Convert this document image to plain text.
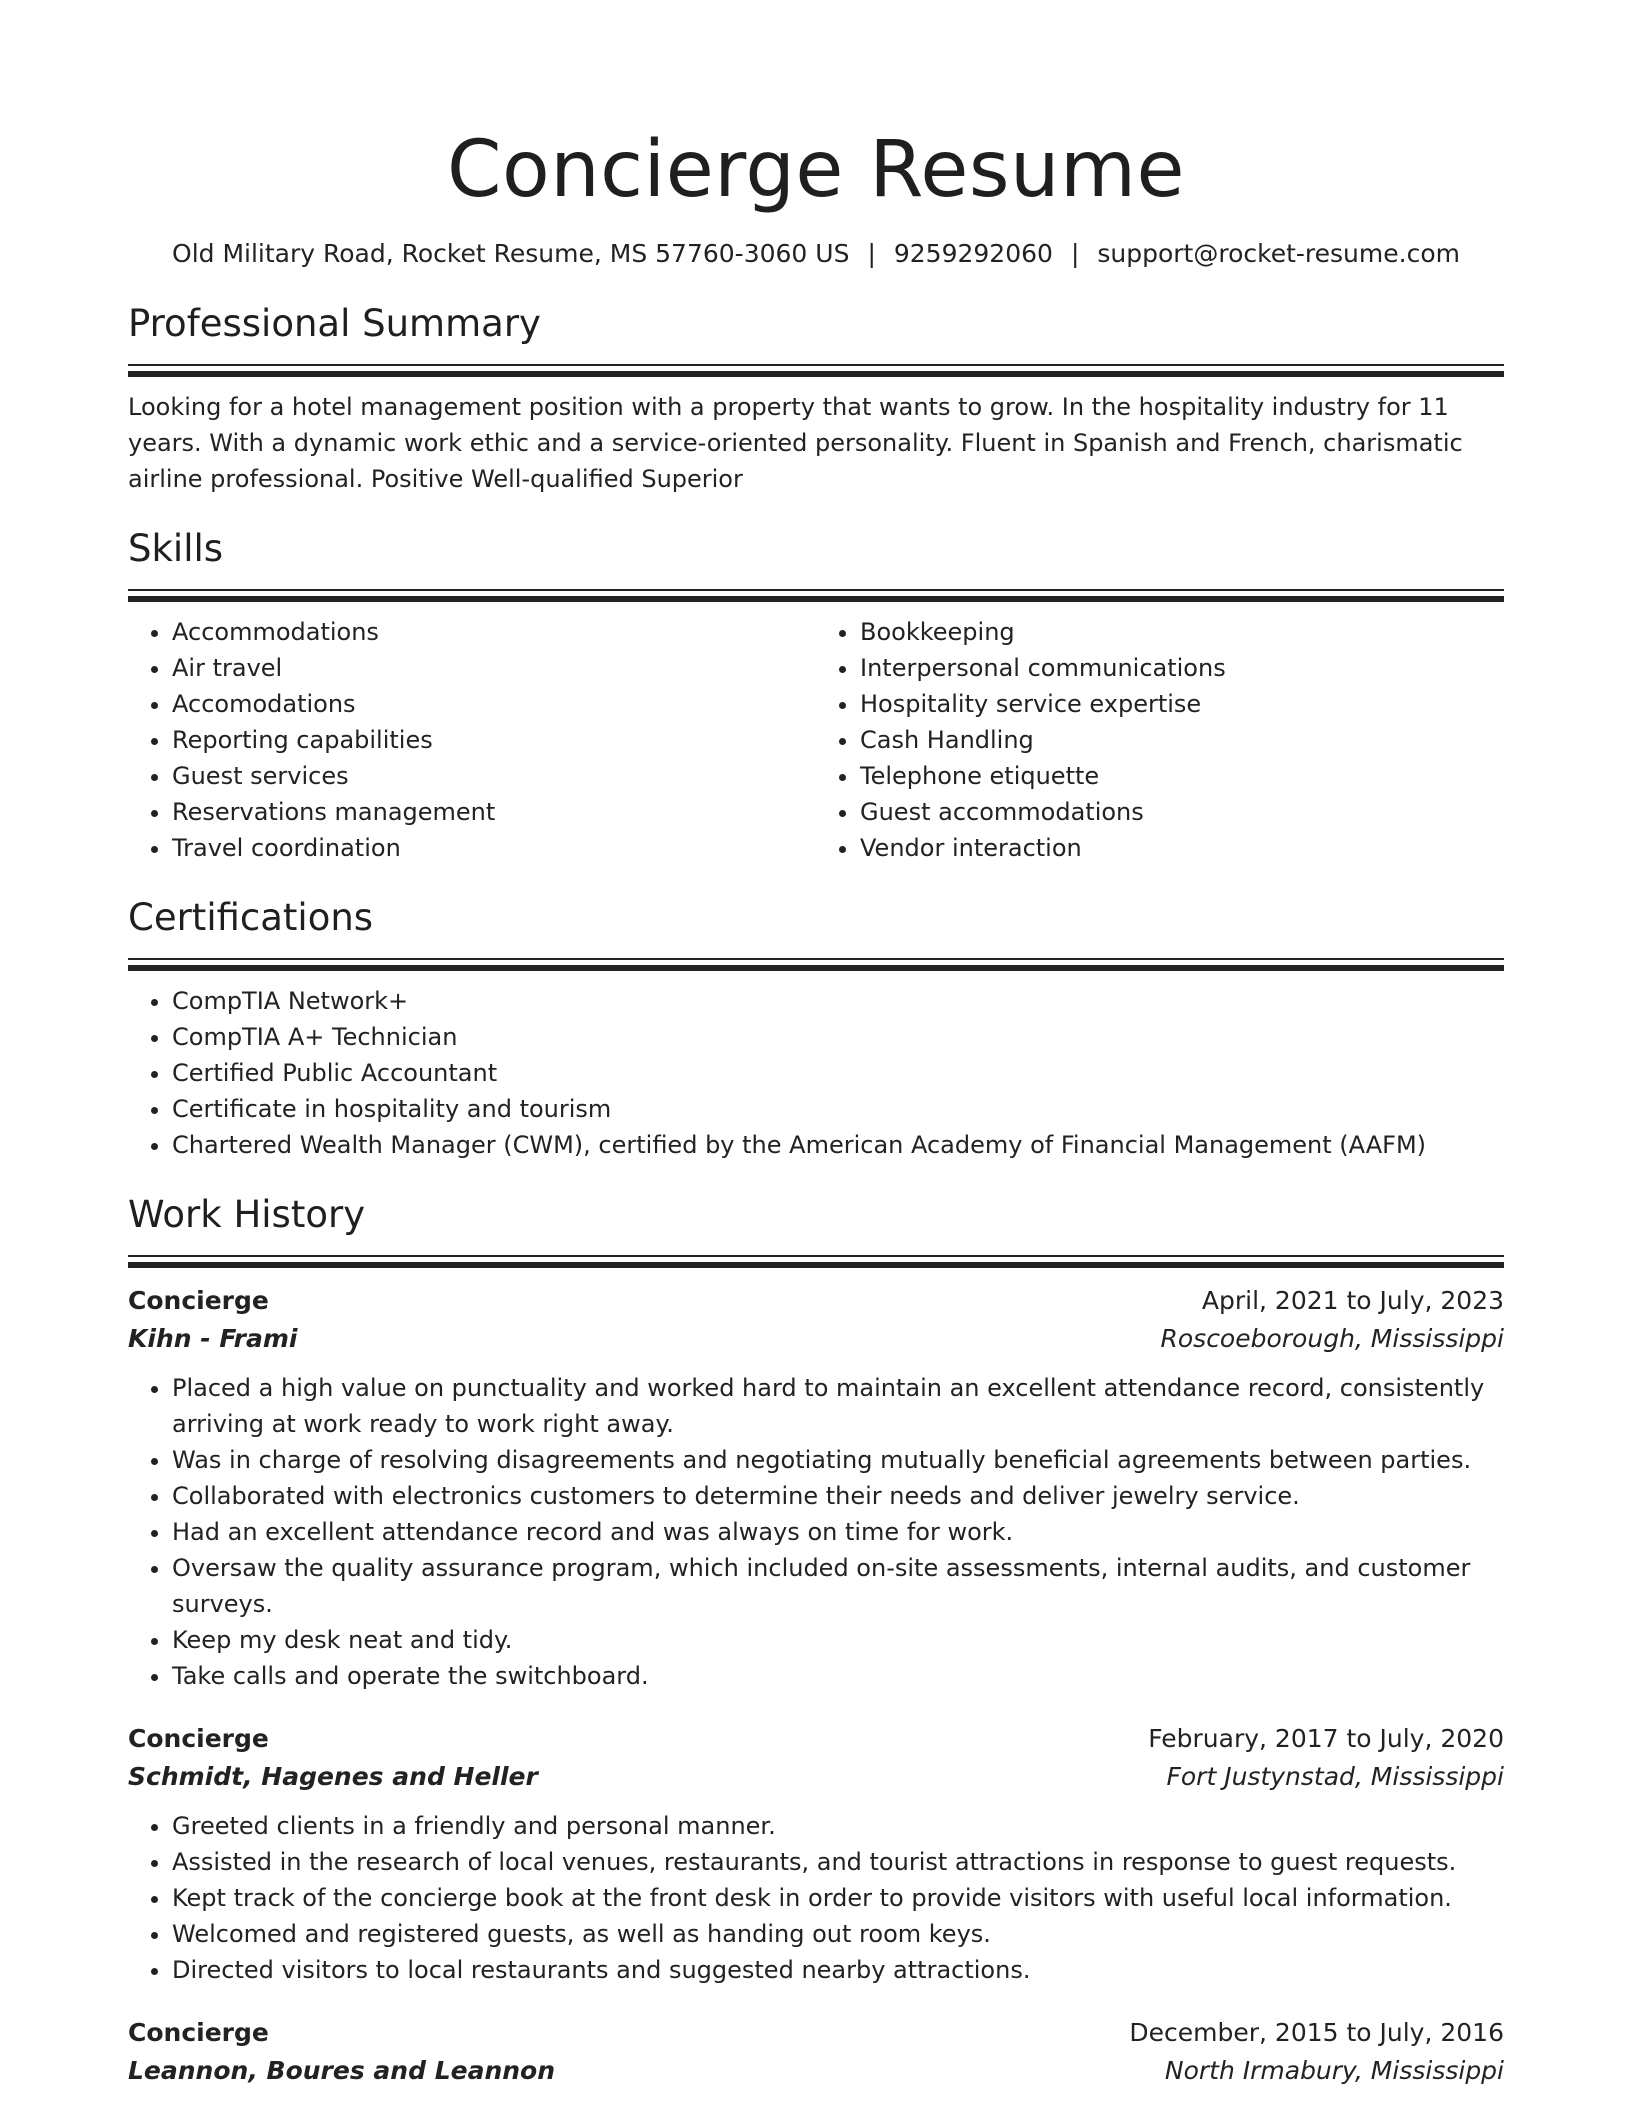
Concierge Resume
Old Military Road, Rocket Resume, MS 57760-3060 US | 9259292060 | support@rocket-resume.com
Professional Summary

Looking for a hotel management position with a property that wants to grow. In the hospitality industry for 11 years. With a dynamic work ethic and a service-oriented personality. Fluent in Spanish and French, charismatic airline professional. Positive Well-qualified Superior

Skills
• Accommodations
• Air travel
• Accomodations
• Reporting capabilities
• Guest services
• Reservations management
• Travel coordination
• Bookkeeping
• Interpersonal communications
• Hospitality service expertise
• Cash Handling
• Telephone etiquette
• Guest accommodations
• Vendor interaction
Certifications
• CompTIA Network+
• CompTIA A+ Technician
• Certified Public Accountant
• Certificate in hospitality and tourism
• Chartered Wealth Manager (CWM), certified by the American Academy of Financial Management (AAFM)
Work History
Concierge	April, 2021 to July, 2023
Kihn - Frami	Roscoeborough, Mississippi
• Placed a high value on punctuality and worked hard to maintain an excellent attendance record, consistently arriving at work ready to work right away.
• Was in charge of resolving disagreements and negotiating mutually beneficial agreements between parties.
• Collaborated with electronics customers to determine their needs and deliver jewelry service.
• Had an excellent attendance record and was always on time for work.
• Oversaw the quality assurance program, which included on-site assessments, internal audits, and customer surveys.
• Keep my desk neat and tidy.
• Take calls and operate the switchboard.
Concierge	February, 2017 to July, 2020
Schmidt, Hagenes and Heller	Fort Justynstad, Mississippi
• Greeted clients in a friendly and personal manner.
• Assisted in the research of local venues, restaurants, and tourist attractions in response to guest requests.
• Kept track of the concierge book at the front desk in order to provide visitors with useful local information.
• Welcomed and registered guests, as well as handing out room keys.
• Directed visitors to local restaurants and suggested nearby attractions.
Concierge	December, 2015 to July, 2016
Leannon, Boures and Leannon	North Irmabury, Mississippi
